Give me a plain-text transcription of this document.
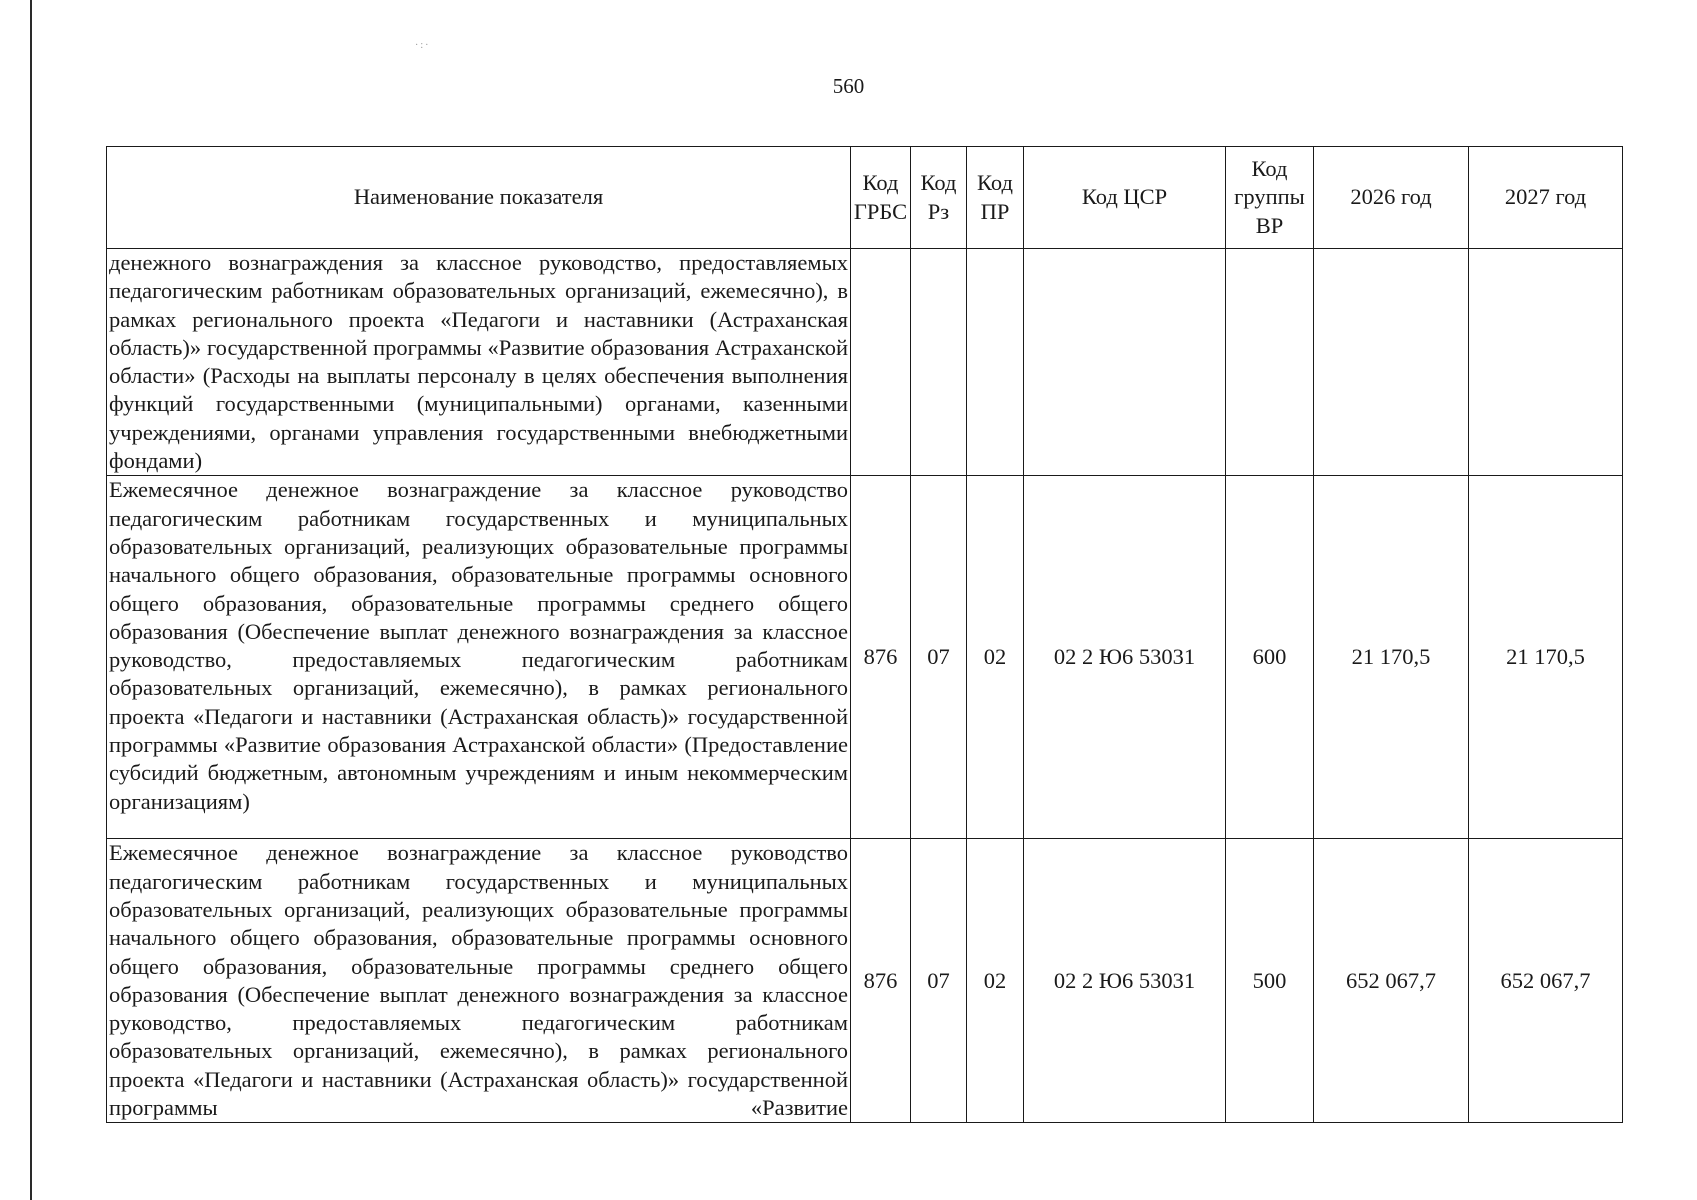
·:·
560
Наименование показателя	Код ГРБС	Код Рз	Код ПР	Код ЦСР	Код группы ВР	2026 год	2027 год
денежного вознаграждения за классное руководство, предоставляемых педагогическим работникам образовательных организаций, ежемесячно), в рамках регионального проекта «Педагоги и наставники (Астраханская область)» государственной программы «Развитие образования Астраханской области» (Расходы на выплаты персоналу в целях обеспечения выполнения функций государственными (муниципальными) органами, казенными учреждениями, органами управления государственными внебюджетными фондами)							
Ежемесячное денежное вознаграждение за классное руководство педагогическим работникам государственных и муниципальных образовательных организаций, реализующих образовательные программы начального общего образования, образовательные программы основного общего образования, образовательные программы среднего общего образования (Обеспечение выплат денежного вознаграждения за классное руководство, предоставляемых педагогическим работникам образовательных организаций, ежемесячно), в рамках регионального проекта «Педагоги и наставники (Астраханская область)» государственной программы «Развитие образования Астраханской области» (Предоставление субсидий бюджетным, автономным учреждениям и иным некоммерческим организациям)	876	07	02	02 2 Ю6 53031	600	21 170,5	21 170,5
Ежемесячное денежное вознаграждение за классное руководство педагогическим работникам государственных и муниципальных образовательных организаций, реализующих образовательные программы начального общего образования, образовательные программы основного общего образования, образовательные программы среднего общего образования (Обеспечение выплат денежного вознаграждения за классное руководство, предоставляемых педагогическим работникам образовательных организаций, ежемесячно), в рамках регионального проекта «Педагоги и наставники (Астраханская область)» государственной программы «Развитие	876	07	02	02 2 Ю6 53031	500	652 067,7	652 067,7
